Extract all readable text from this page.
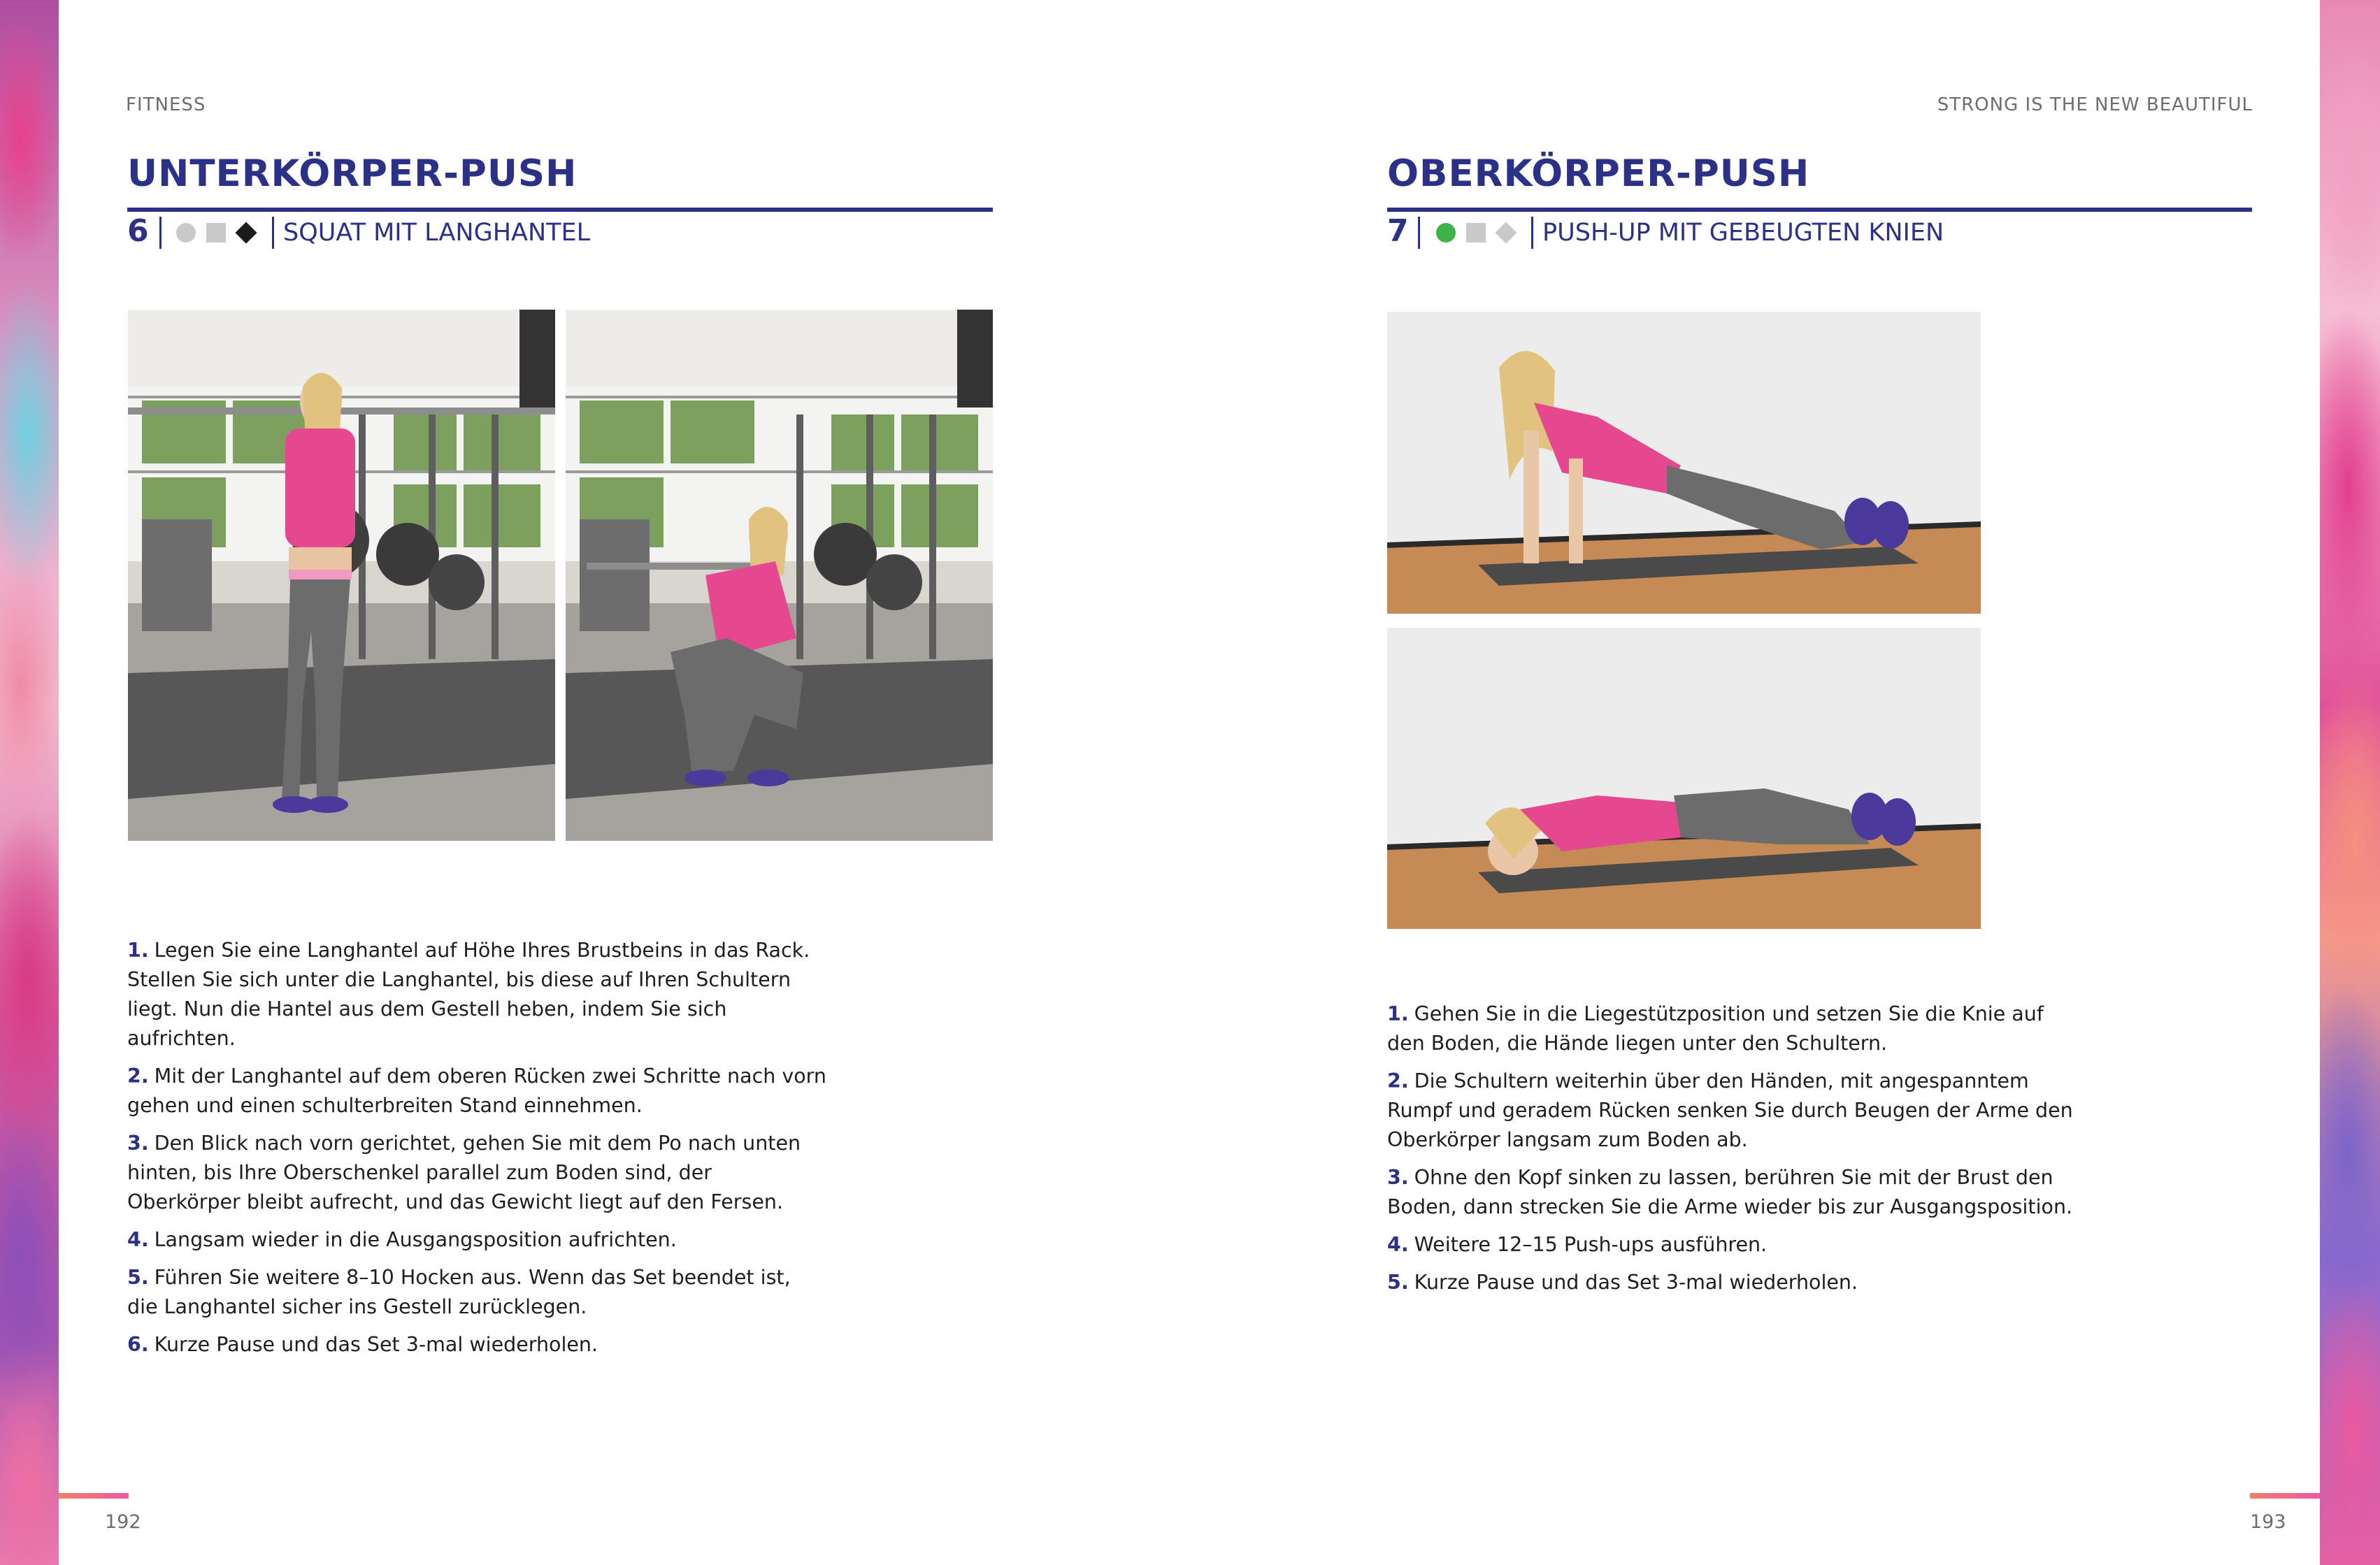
FITNESS	STRONG IS THE NEW BEAUTIFUL
UNTERKÖRPER-PUSH
6	SQUAT MIT LANGHANTEL

1. Legen Sie eine Langhantel auf Höhe Ihres Brustbeins in das Rack. Stellen Sie sich unter die Langhantel, bis diese auf Ihren Schultern liegt. Nun die Hantel aus dem Gestell heben, indem Sie sich aufrichten.

2. Mit der Langhantel auf dem oberen Rücken zwei Schritte nach vorn gehen und einen schulterbreiten Stand einnehmen.

3. Den Blick nach vorn gerichtet, gehen Sie mit dem Po nach unten hinten, bis Ihre Oberschenkel parallel zum Boden sind, der Oberkörper bleibt aufrecht, und das Gewicht liegt auf den Fersen.

4. Langsam wieder in die Ausgangsposition aufrichten.

5. Führen Sie weitere 8–10 Hocken aus. Wenn das Set beendet ist, die Langhantel sicher ins Gestell zurücklegen.

6. Kurze Pause und das Set 3-mal wiederholen.

OBERKÖRPER-PUSH
7	PUSH-UP MIT GEBEUGTEN KNIEN

1. Gehen Sie in die Liegestützposition und setzen Sie die Knie auf den Boden, die Hände liegen unter den Schultern.

2. Die Schultern weiterhin über den Händen, mit angespanntem Rumpf und geradem Rücken senken Sie durch Beugen der Arme den Oberkörper langsam zum Boden ab.

3. Ohne den Kopf sinken zu lassen, berühren Sie mit der Brust den Boden, dann strecken Sie die Arme wieder bis zur Ausgangsposition.

4. Weitere 12–15 Push-ups ausführen.

5. Kurze Pause und das Set 3-mal wiederholen.

192	193
